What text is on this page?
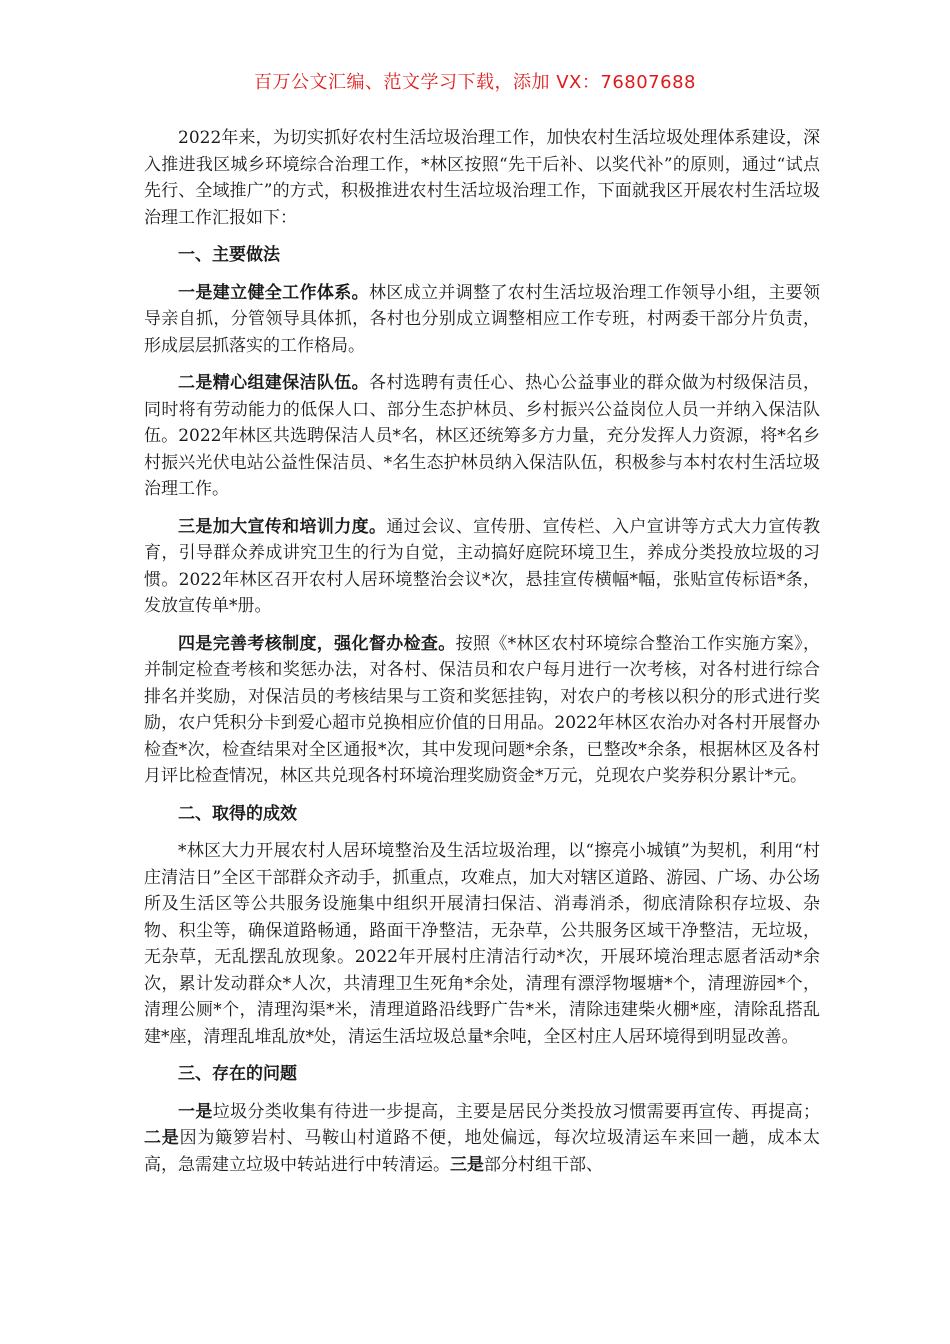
百万公文汇编、范文学习下载，添加 VX：76807688

2022年来，为切实抓好农村生活垃圾治理工作，加快农村生活垃圾处理体系建设，深入推进我区城乡环境综合治理工作，*林区按照“先干后补、以奖代补”的原则，通过“试点先行、全域推广”的方式，积极推进农村生活垃圾治理工作，下面就我区开展农村生活垃圾治理工作汇报如下：

一、主要做法

一是建立健全工作体系。林区成立并调整了农村生活垃圾治理工作领导小组，主要领导亲自抓，分管领导具体抓，各村也分别成立调整相应工作专班，村两委干部分片负责，形成层层抓落实的工作格局。

二是精心组建保洁队伍。各村选聘有责任心、热心公益事业的群众做为村级保洁员，同时将有劳动能力的低保人口、部分生态护林员、乡村振兴公益岗位人员一并纳入保洁队伍。2022年林区共选聘保洁人员*名，林区还统筹多方力量，充分发挥人力资源，将*名乡村振兴光伏电站公益性保洁员、*名生态护林员纳入保洁队伍，积极参与本村农村生活垃圾治理工作。

三是加大宣传和培训力度。通过会议、宣传册、宣传栏、入户宣讲等方式大力宣传教育，引导群众养成讲究卫生的行为自觉，主动搞好庭院环境卫生，养成分类投放垃圾的习惯。2022年林区召开农村人居环境整治会议*次，悬挂宣传横幅*幅，张贴宣传标语*条，发放宣传单*册。

四是完善考核制度，强化督办检查。按照《*林区农村环境综合整治工作实施方案》，并制定检查考核和奖惩办法，对各村、保洁员和农户每月进行一次考核，对各村进行综合排名并奖励，对保洁员的考核结果与工资和奖惩挂钩，对农户的考核以积分的形式进行奖励，农户凭积分卡到爱心超市兑换相应价值的日用品。2022年林区农治办对各村开展督办检查*次，检查结果对全区通报*次，其中发现问题*余条，已整改*余条，根据林区及各村月评比检查情况，林区共兑现各村环境治理奖励资金*万元，兑现农户奖券积分累计*元。

二、取得的成效

*林区大力开展农村人居环境整治及生活垃圾治理，以“擦亮小城镇”为契机，利用“村庄清洁日”全区干部群众齐动手，抓重点，攻难点，加大对辖区道路、游园、广场、办公场所及生活区等公共服务设施集中组织开展清扫保洁、消毒消杀，彻底清除积存垃圾、杂物、积尘等，确保道路畅通，路面干净整洁，无杂草，公共服务区域干净整洁，无垃圾，无杂草，无乱摆乱放现象。2022年开展村庄清洁行动*次，开展环境治理志愿者活动*余次，累计发动群众*人次，共清理卫生死角*余处，清理有漂浮物堰塘*个，清理游园*个，清理公厕*个，清理沟渠*米，清理道路沿线野广告*米，清除违建柴火棚*座，清除乱搭乱建*座，清理乱堆乱放*处，清运生活垃圾总量*余吨，全区村庄人居环境得到明显改善。

三、存在的问题

一是垃圾分类收集有待进一步提高，主要是居民分类投放习惯需要再宣传、再提高；二是因为簸箩岩村、马鞍山村道路不便，地处偏远，每次垃圾清运车来回一趟，成本太高，急需建立垃圾中转站进行中转清运。三是部分村组干部、
